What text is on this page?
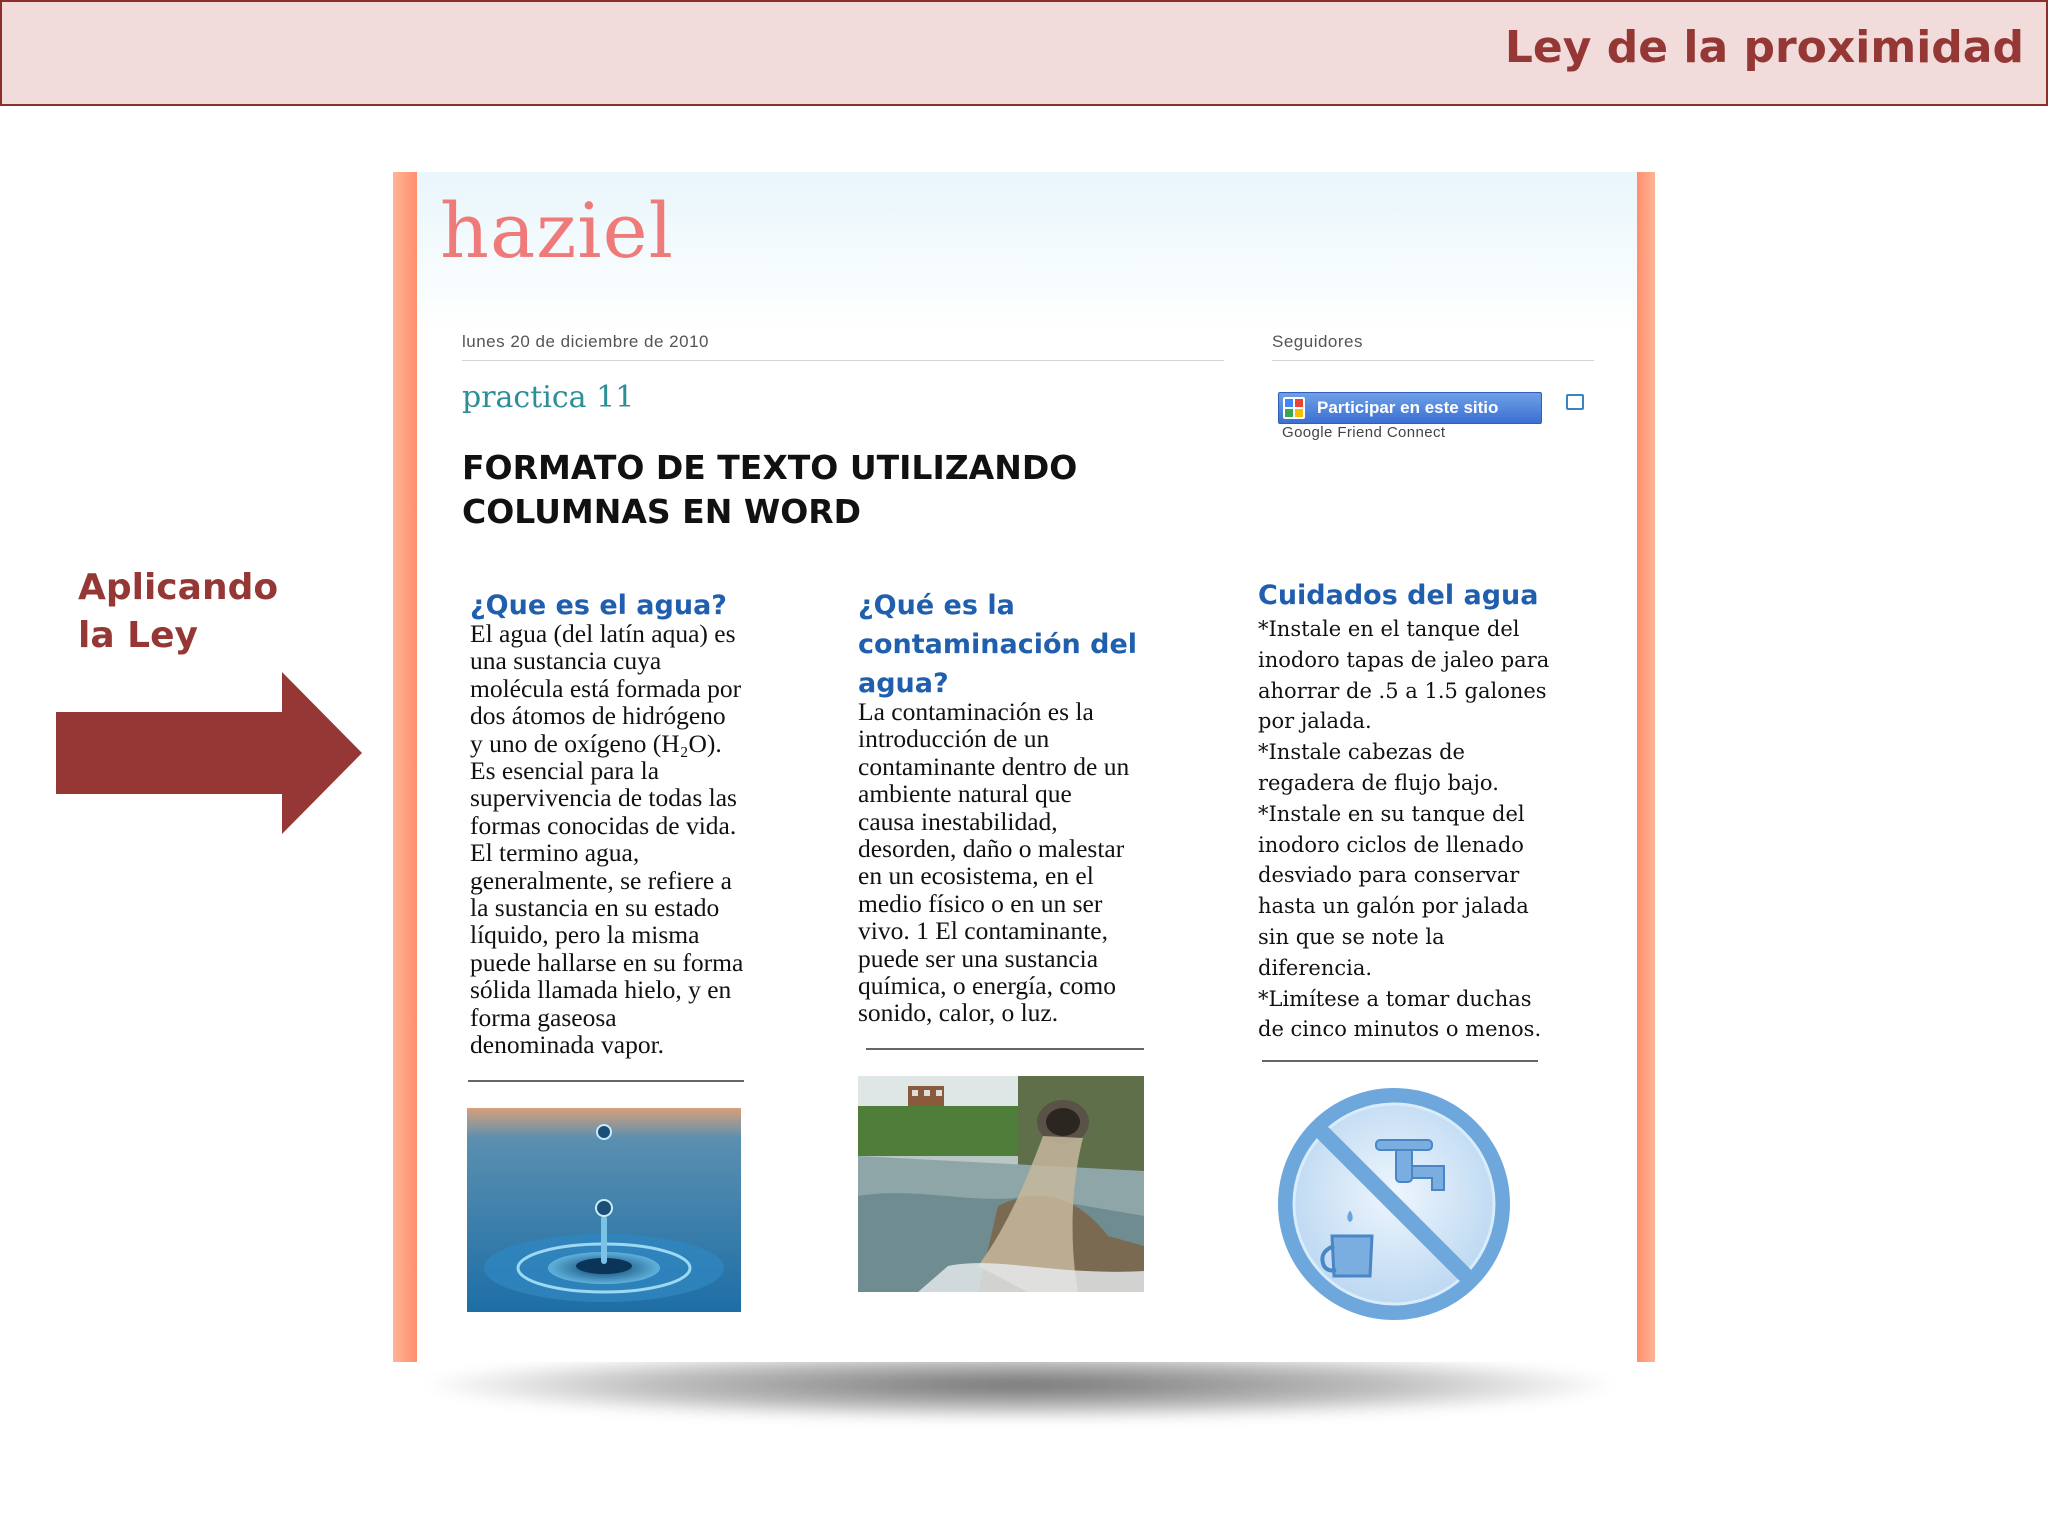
Ley de la proximidad
Aplicando
la Ley
haziel
lunes 20 de diciembre de 2010	Seguidores
Participar en este sitio
Google Friend Connect
practica 11
FORMATO DE TEXTO UTILIZANDO COLUMNAS EN WORD
¿Que es el agua?

El agua (del latín aqua) es
una sustancia cuya
molécula está formada por
dos átomos de hidrógeno
y uno de oxígeno (H₂O).
Es esencial para la
supervivencia de todas las
formas conocidas de vida.
El termino agua,
generalmente, se refiere a
la sustancia en su estado
líquido, pero la misma
puede hallarse en su forma
sólida llamada hielo, y en
forma gaseosa
denominada vapor.

¿Qué es la contaminación del agua?

La contaminación es la
introducción de un
contaminante dentro de un
ambiente natural que
causa inestabilidad,
desorden, daño o malestar
en un ecosistema, en el
medio físico o en un ser
vivo. 1 El contaminante,
puede ser una sustancia
química, o energía, como
sonido, calor, o luz.

Cuidados del agua

*Instale en el tanque del
inodoro tapas de jaleo para
ahorrar de .5 a 1.5 galones
por jalada.
*Instale cabezas de
regadera de flujo bajo.
*Instale en su tanque del
inodoro ciclos de llenado
desviado para conservar
hasta un galón por jalada
sin que se note la
diferencia.
*Limítese a tomar duchas
de cinco minutos o menos.
